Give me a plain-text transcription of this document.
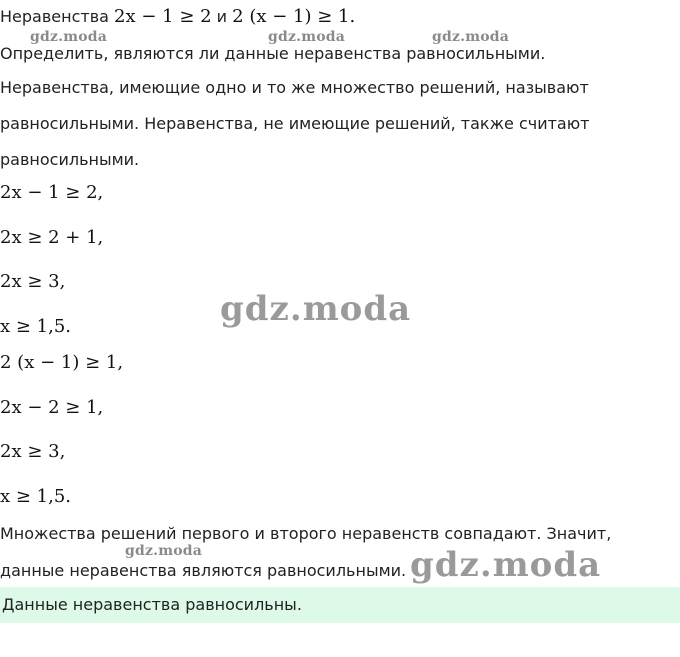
Неравенства 2x − 1 ≥ 2 и 2 (x − 1) ≥ 1.
Определить, являются ли данные неравенства равносильными.
Неравенства, имеющие одно и то же множество решений, называют
равносильными. Неравенства, не имеющие решений, также считают
равносильными.
2x − 1 ≥ 2,
2x ≥ 2 + 1,
2x ≥ 3,
x ≥ 1,5.
2 (x − 1) ≥ 1,
2x − 2 ≥ 1,
2x ≥ 3,
x ≥ 1,5.
Множества решений первого и второго неравенств совпадают. Значит,
данные неравенства являются равносильными.
Данные неравенства равносильны.
gdz.moda	gdz.moda	gdz.moda
gdz.moda
gdz.moda	gdz.moda
